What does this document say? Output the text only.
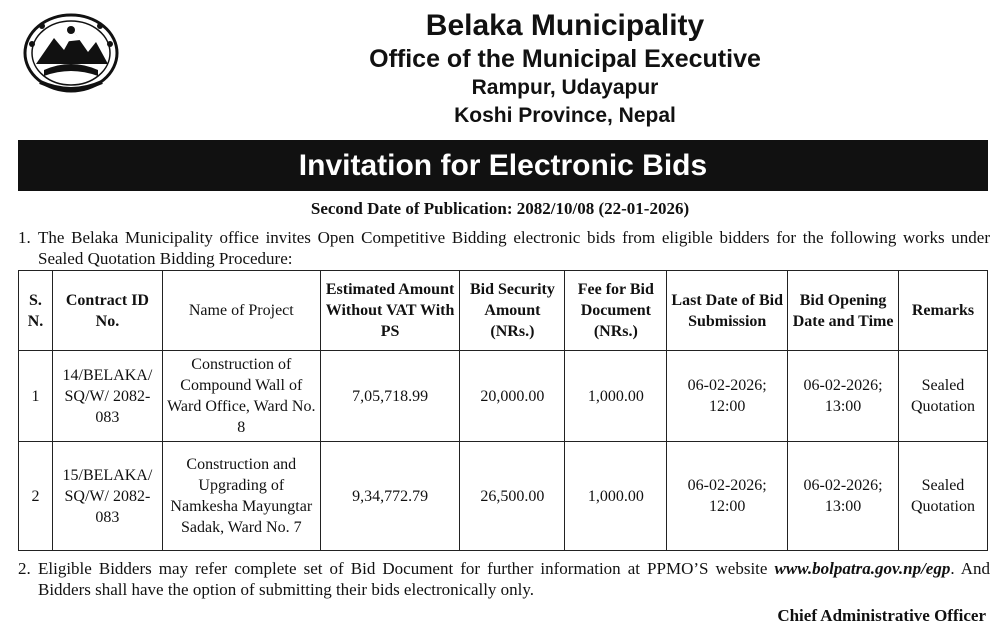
Belaka Municipality
Office of the Municipal Executive
Rampur, Udayapur
Koshi Province, Nepal
Invitation for Electronic Bids
Second Date of Publication: 2082/10/08 (22-01-2026)
1. The Belaka Municipality office invites Open Competitive Bidding electronic bids from eligible bidders for the following works under Sealed Quotation Bidding Procedure:
S. N.	Contract ID No.	Name of Project	Estimated Amount Without VAT With PS	Bid Security Amount (NRs.)	Fee for Bid Document (NRs.)	Last Date of Bid Submission	Bid Opening Date and Time	Remarks
1	14/BELAKA/ SQ/W/ 2082-083	Construction of Compound Wall of Ward Office, Ward No. 8	7,05,718.99	20,000.00	1,000.00	06-02-2026; 12:00	06-02-2026; 13:00	Sealed Quotation
2	15/BELAKA/ SQ/W/ 2082-083	Construction and Upgrading of Namkesha Mayungtar Sadak, Ward No. 7	9,34,772.79	26,500.00	1,000.00	06-02-2026; 12:00	06-02-2026; 13:00	Sealed Quotation
2. Eligible Bidders may refer complete set of Bid Document for further information at PPMO’S website www.bolpatra.gov.np/egp. And Bidders shall have the option of submitting their bids electronically only.
Chief Administrative Officer
